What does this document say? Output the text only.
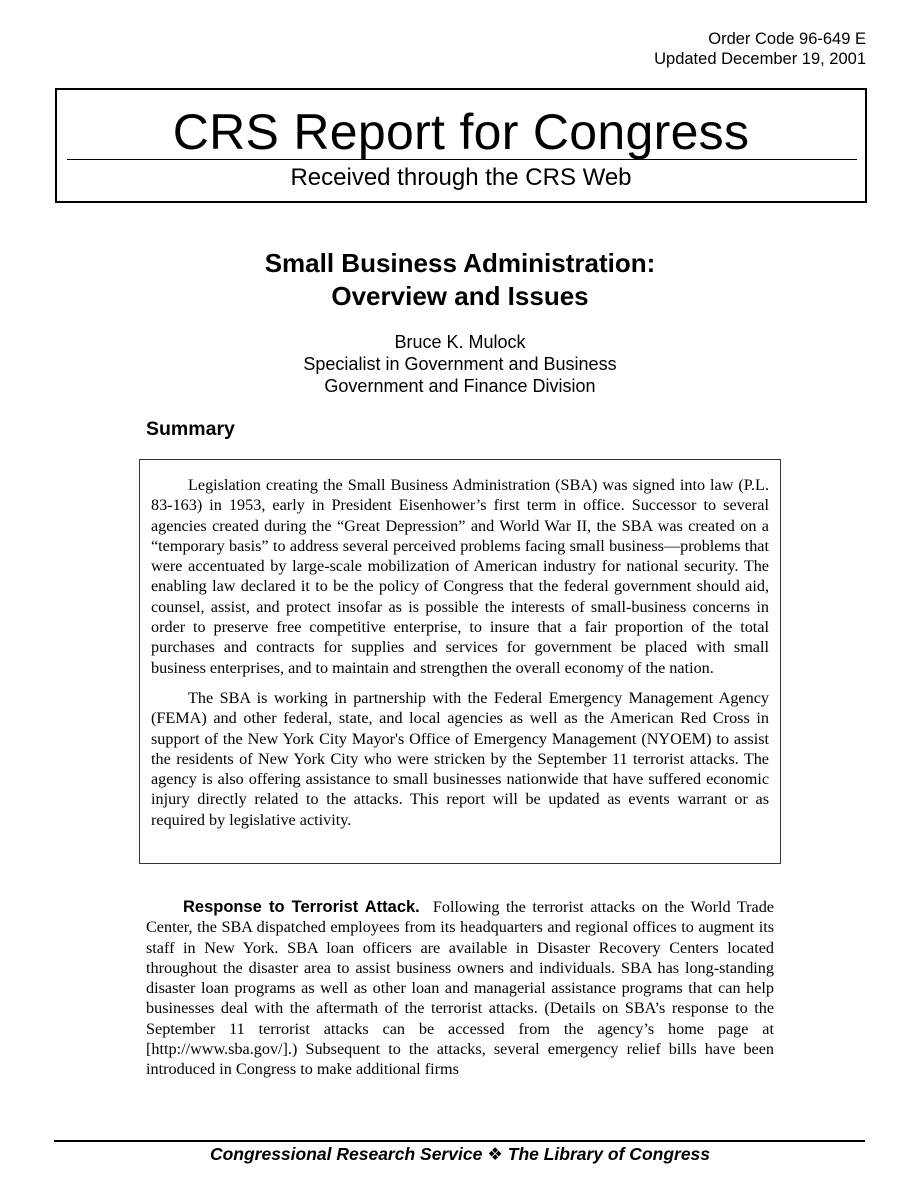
Order Code 96-649 E
Updated December 19, 2001
CRS Report for Congress
Received through the CRS Web
Small Business Administration:
Overview and Issues
Bruce K. Mulock
Specialist in Government and Business
Government and Finance Division
Summary

Legislation creating the Small Business Administration (SBA) was signed into law (P.L. 83-163) in 1953, early in President Eisenhower’s first term in office. Successor to several agencies created during the “Great Depression” and World War II, the SBA was created on a “temporary basis” to address several perceived problems facing small business—problems that were accentuated by large-scale mobilization of American industry for national security. The enabling law declared it to be the policy of Congress that the federal government should aid, counsel, assist, and protect insofar as is possible the interests of small-business concerns in order to preserve free competitive enterprise, to insure that a fair proportion of the total purchases and contracts for supplies and services for government be placed with small business enterprises, and to maintain and strengthen the overall economy of the nation.

The SBA is working in partnership with the Federal Emergency Management Agency (FEMA) and other federal, state, and local agencies as well as the American Red Cross in support of the New York City Mayor's Office of Emergency Management (NYOEM) to assist the residents of New York City who were stricken by the September 11 terrorist attacks. The agency is also offering assistance to small businesses nationwide that have suffered economic injury directly related to the attacks. This report will be updated as events warrant or as required by legislative activity.

Response to Terrorist Attack. Following the terrorist attacks on the World Trade Center, the SBA dispatched employees from its headquarters and regional offices to augment its staff in New York. SBA loan officers are available in Disaster Recovery Centers located throughout the disaster area to assist business owners and individuals. SBA has long-standing disaster loan programs as well as other loan and managerial assistance programs that can help businesses deal with the aftermath of the terrorist attacks. (Details on SBA’s response to the September 11 terrorist attacks can be accessed from the agency’s home page at [http://www.sba.gov/].) Subsequent to the attacks, several emergency relief bills have been introduced in Congress to make additional firms

Congressional Research Service ❖ The Library of Congress
